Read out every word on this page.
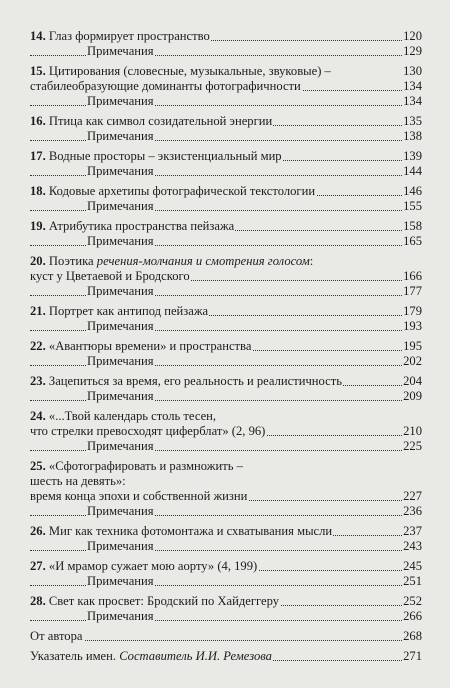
14. Глаз формирует пространство	120
Примечания	129
15. Цитирования (словесные, музыкальные, звуковые) –	130
стабилеобразующие доминанты фотографичности	134
Примечания	134
16. Птица как символ созидательной энергии	135
Примечания	138
17. Водные просторы – экзистенциальный мир	139
Примечания	144
18. Кодовые архетипы фотографической текстологии	146
Примечания	155
19. Атрибутика пространства пейзажа	158
Примечания	165
20. Поэтика речения-молчания и смотрения голосом:
куст у Цветаевой и Бродского	166
Примечания	177
21. Портрет как антипод пейзажа	179
Примечания	193
22. «Авантюры времени» и пространства	195
Примечания	202
23. Зацепиться за время, его реальность и реалистичность	204
Примечания	209
24. «...Твой календарь столь тесен,
что стрелки превосходят циферблат» (2, 96)	210
Примечания	225
25. «Сфотографировать и размножить –
шесть на девять»:
время конца эпохи и собственной жизни	227
Примечания	236
26. Миг как техника фотомонтажа и схватывания мысли	237
Примечания	243
27. «И мрамор сужает мою аорту» (4, 199)	245
Примечания	251
28. Свет как просвет: Бродский по Хайдеггеру	252
Примечания	266
От автора	268
Указатель имен. Составитель И.И. Ремезова	271
